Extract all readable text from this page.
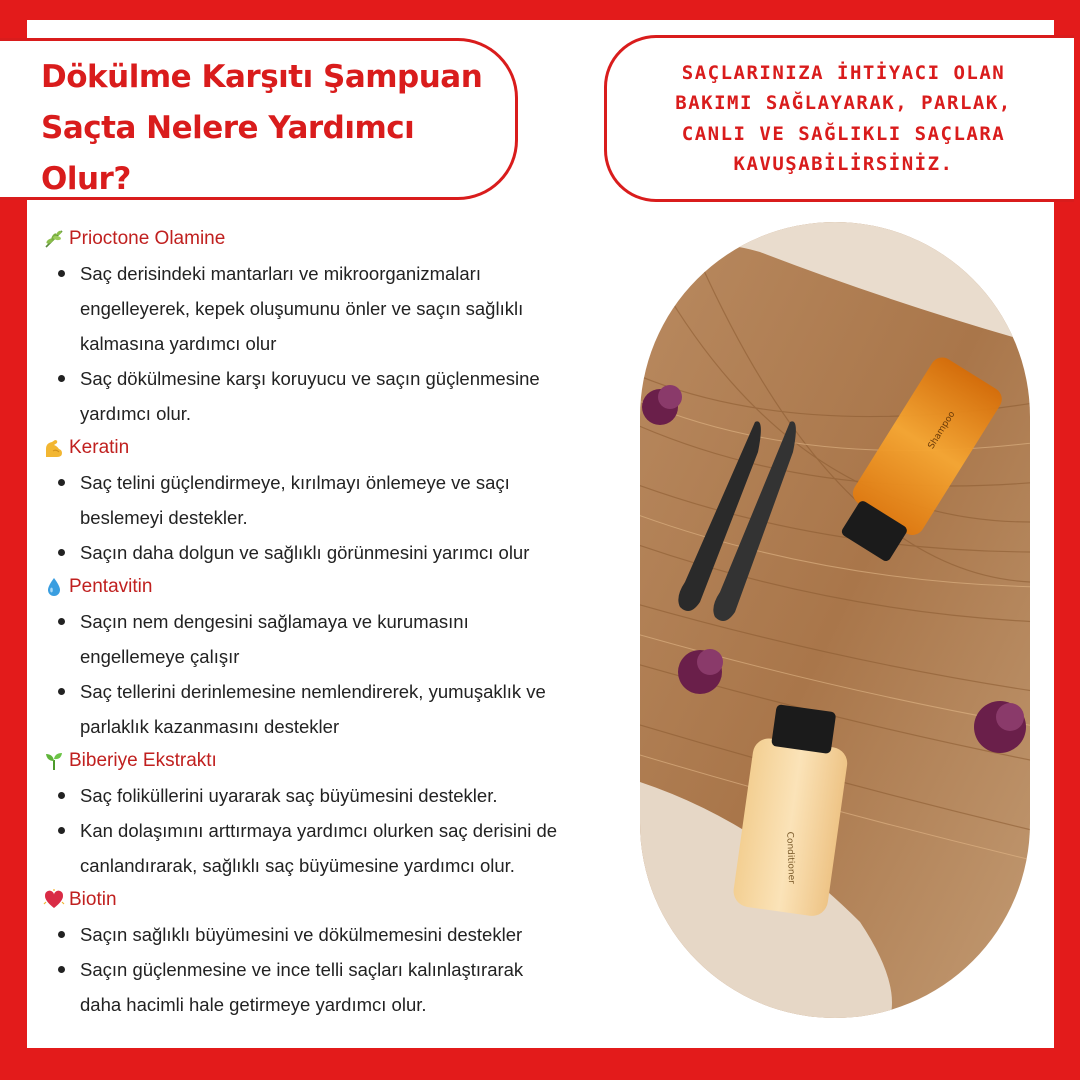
Dökülme Karşıtı Şampuan
Saçta Nelere Yardımcı
Olur?

SAÇLARINIZA İHTİYACI OLAN
BAKIMI SAĞLAYARAK, PARLAK,
CANLI VE SAĞLIKLI SAÇLARA
KAVUŞABİLİRSİNİZ.

Prioctone Olamine
Saç derisindeki mantarları ve mikroorganizmaları
engelleyerek, kepek oluşumunu önler ve saçın sağlıklı
kalmasına yardımcı olur
Saç dökülmesine karşı koruyucu ve saçın güçlenmesine
yardımcı olur.
Keratin
Saç telini güçlendirmeye, kırılmayı önlemeye ve saçı
beslemeyi destekler.
Saçın daha dolgun ve sağlıklı görünmesini yarımcı olur
Pentavitin
Saçın nem dengesini sağlamaya ve kurumasını
engellemeye çalışır
Saç tellerini derinlemesine nemlendirerek, yumuşaklık ve
parlaklık kazanmasını destekler
Biberiye Ekstraktı
Saç foliküllerini uyararak saç büyümesini destekler.
Kan dolaşımını arttırmaya yardımcı olurken saç derisini de
canlandırarak, sağlıklı saç büyümesine yardımcı olur.
Biotin
Saçın sağlıklı büyümesini ve dökülmemesini destekler
Saçın güçlenmesine ve ince telli saçları kalınlaştırarak
daha hacimli hale getirmeye yardımcı olur.
Shampoo
Conditioner
